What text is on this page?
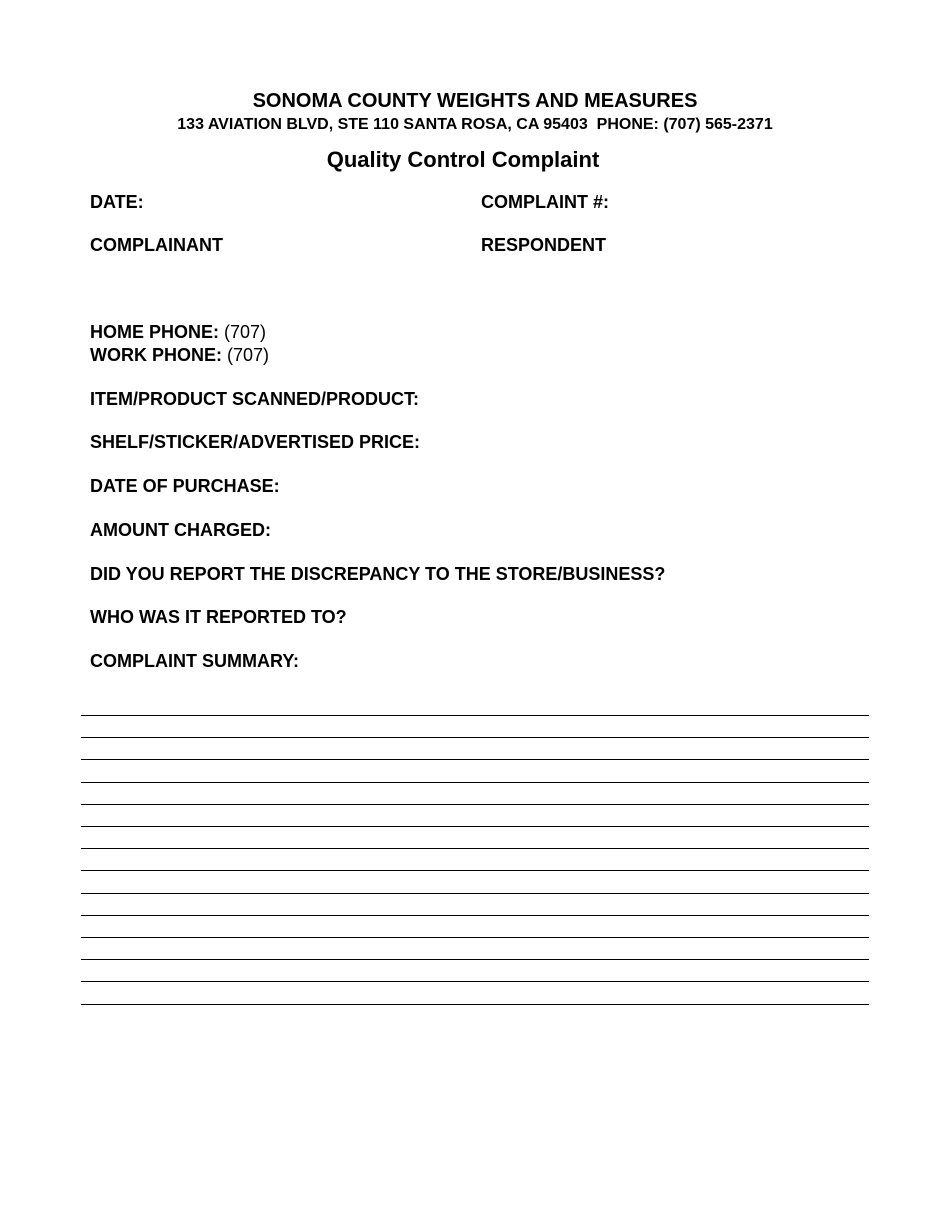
SONOMA COUNTY WEIGHTS AND MEASURES
133 AVIATION BLVD, STE 110 SANTA ROSA, CA 95403  PHONE: (707) 565-2371
Quality Control Complaint
DATE:	COMPLAINT #:
COMPLAINANT	RESPONDENT
HOME PHONE: (707)
WORK PHONE: (707)
ITEM/PRODUCT SCANNED/PRODUCT:
SHELF/STICKER/ADVERTISED PRICE:
DATE OF PURCHASE:
AMOUNT CHARGED:
DID YOU REPORT THE DISCREPANCY TO THE STORE/BUSINESS?
WHO WAS IT REPORTED TO?
COMPLAINT SUMMARY:
